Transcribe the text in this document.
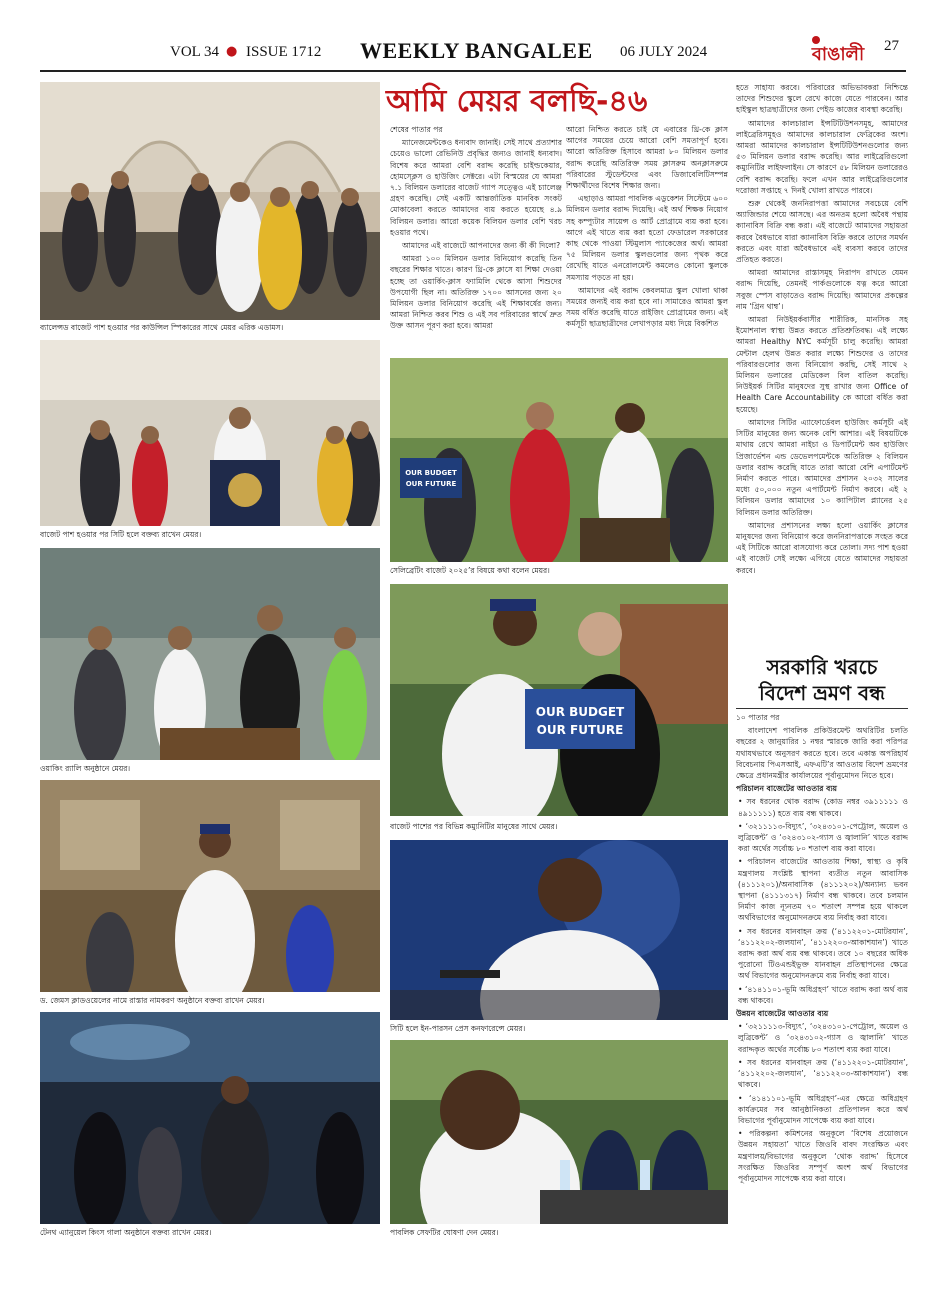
VOL 34 ● ISSUE 1712 WEEKLY BANGALEE 06 JULY 2024	বাঙালী 27
ব্যালেন্সড বাজেট পাশ হওয়ার পর কাউন্সিল স্পিকারের সাথে মেয়র এরিক এডামস।
বাজেট পাশ হওয়ার পর সিটি হলে বক্তব্য রাখেন মেয়র।
ওয়াকিং র‌্যালি অনুষ্ঠানে মেয়র।
ড. জেমস ক্লাডওয়েলের নামে রাস্তার নামকরণ অনুষ্ঠানে বক্তব্য রাখেন মেয়র।
টেনথ এ্যানুয়েল কিংস গালা অনুষ্ঠানে বক্তব্য রাখেন মেয়র।
আমি মেয়র বলছি-৪৬

শেষের পাতার পর

ম্যানেজমেন্টকেও ধন্যবাদ জানাই। সেই সাথে প্রত্যাশার চেয়েও ভালো রেভিনিউ প্রবৃদ্ধির জন্যও জানাই ধন্যবাদ। বিশেষ করে আমরা বেশি বরাদ্দ করেছি চাইল্ডকেয়ার, হোমস্ক্লেস ও হাউজিং সেক্টরে। এটা বিস্ময়ের যে আমরা ৭.১ বিলিয়ন ডলারের বাজেট গ্যাপ সত্ত্বেও এই চ্যালেঞ্জ গ্রহণ করেছি। সেই একটি আন্তর্জাতিক মানবিক সংকট মোকাবেলা করতে আমাদের ব্যয় করতে হয়েছে ৪.৯ বিলিয়ন ডলার। আরো কয়েক বিলিয়ন ডলার বেশি খরচ হওয়ার পথে।

আমাদের এই বাজেটে আপনাদের জন্য কী কী দিলো?

আমরা ১০০ মিলিয়ন ডলার বিনিয়োগ করেছি তিন বছরের শিক্ষার খাতে। কারণ থ্রি-কে ক্লাসে যা শিক্ষা দেওয়া হচ্ছে তা ওয়ার্কিং-ক্লাস ফ্যামিলি থেকে আসা শিশুদের উপযোগী ছিল না। অতিরিক্ত ১৭০০ আসনের জন্য ২০ মিলিয়ন ডলার বিনিয়োগ করেছি এই শিক্ষাবর্ষের জন্য। আমরা নিশ্চিত করব শিশু ও এই সব পরিবারের স্বার্থে দ্রুত উক্ত আসন পূরণ করা হবে। আমরা

আরো নিশ্চিত করতে চাই যে এবারের থ্রি-কে ক্লাস আগের সময়ের চেয়ে আরো বেশি সমতাপূর্ণ হবে। আরো অতিরিক্ত হিসাবে আমরা ৮০ মিলিয়ন ডলার বরাদ্দ করেছি অতিরিক্ত সময় ক্লাসরুম অনক্লাসরুমে পরিবারের স্টুডেন্টদের এবং ডিজাবেলিটিসম্পন্ন শিক্ষার্থীদের বিশেষ শিক্ষার জন্য।

এছাড়াও আমরা পাবলিক এডুকেশন সিস্টেমে ৬০০ মিলিয়ন ডলার বরাদ্দ দিয়েছি। এই অর্থ শিক্ষক নিয়োগ সহ কম্প্যুটার সায়েন্স ও আর্ট প্রোগ্রামে ব্যয় করা হবে। আগে এই খাতে ব্যয় করা হতো ফেডারেল সরকারের কাছ থেকে পাওয়া স্টিমুলাস প্যাকেজের অর্থ। আমরা ৭৫ মিলিয়ন ডলার স্কুলগুলোর জন্য পৃথক করে রেখেছি যাতে এনরোলমেন্ট কমলেও কোনো স্কুলকে সমস্যায় পড়তে না হয়।

আমাদের এই বরাদ্দ কেবলমাত্র স্কুল খোলা থাকা সময়ের জন্যই ব্যয় করা হবে না। সামারেও আমরা স্কুল সময় বর্ধিত করেছি যাতে রাইজিং প্রোগ্রামের জন্য। এই কর্মসূচী ছাত্রছাত্রীদের লেখাপড়ার মধ্য দিয়ে বিকশিত

হতে সাহায্য করবে। পরিবারের অভিভাবকরা নিশ্চিন্তে তাদের শিশুদের স্কুলে রেখে কাজে যেতে পারবেন। আর হাইস্কুল ছাত্রছাত্রীদের জন্য পেইড কাজের ব্যবস্থা করেছি।

আমাদের কালচারাল ইন্সটিটিউশনসমূহ, আমাদের লাইব্রেরিসমূহও আমাদের কালচারাল ফেব্রিকের অংশ। আমরা আমাদের কালচারাল ইন্সটিটিউশনগুলোর জন্য ৫৩ মিলিয়ন ডলার বরাদ্দ করেছি। আর লাইব্রেরিগুলো কম্যুনিটির লাইফলাইন। সে কারণে ৫৮ মিলিয়ন ডলারেরও বেশি বরাদ্দ করেছি। ফলে এখন আর লাইব্রেরিগুলোর দরোজা সপ্তাহে ৭ দিনই খোলা রাখতে পারবে।

শুরু থেকেই জননিরাপত্তা আমাদের সবচেয়ে বেশি অ্যাজিন্ডার শেয়ে আসছে। এর অনতম হলো অবৈধ পন্থায় ক্যানাবিস বিক্রি বন্ধ করা। এই বাজেটে আমাদের সহায়তা করবে বৈধভাবে যারা ক্যানাবিস বিক্রি করবে তাদের সমর্থন করতে এবং যারা অবৈধভাবে এই ব্যবসা করবে তাদের প্রতিহত করতে।

আমরা আমাদের রাস্তাসমূহ নিরাপদ রাখতে যেমন বরাদ্দ দিয়েছি, তেমনই পার্কগুলোকে যত্ন করে আরো সবুজ স্পেস বাড়াতেও বরাদ্দ দিয়েছি। আমাদের প্রকল্পের নাম ‘গ্রিন থাম্ব’।

আমরা নিউইয়র্কবাসীর শারীরিক, মানসিক সহ ইমোশনাল স্বাস্থ্য উন্নত করতে প্রতিশ্রুতিবদ্ধ। এই লক্ষ্যে আমরা Healthy NYC কর্মসূচী চালু করেছি। আমরা মেন্টাল হেলথ উন্নত করার লক্ষ্যে শিশুদের ও তাদের পরিবারগুলোর জন্য বিনিয়োগ করছি, সেই সাথে ২ মিলিয়ন ডলারের মেডিকেল বিল বাতিল করেছি। নিউইয়র্ক সিটির মানুষদের সুস্থ রাখার জন্য Office of Health Care Accountability কে আরো বর্ধিত করা হয়েছে।

আমাদের সিটির এ্যাফোর্ডেবল হাউজিং কর্মসূচী এই সিটির মানুষের জন্য অনেক বেশি আশার। এই বিষয়টিকে মাথায় রেখে আমরা নাইচা ও ডিপার্টমেন্ট অব হাউজিং প্রিজার্ভেশন এন্ড ডেভেলপমেন্টকে অতিরিক্ত ২ বিলিয়ন ডলার বরাদ্দ করেছি যাতে তারা আরো বেশি এপার্টমেন্ট নির্মাণ করতে পারে। আমাদের প্রশাসন ২০৩২ সালের মধ্যে ৫০,০০০ নতুন এপার্টমেন্ট নির্মাণ করবে। এই ২ বিলিয়ন ডলার আমাদের ১০ ক্যাপিটাল প্ল্যানের ২৫ বিলিয়ন ডলার অতিরিক্ত।

আমাদের প্রশাসনের লক্ষ্য হলো ওয়ার্কিং ক্লাসের মানুষদের জন্য বিনিয়োগ করে জননিরাপত্তাকে সংহত করে এই সিটিকে আরো বাসযোগ্য করে তোলা। সদ্য পাশ হওয়া এই বাজেট সেই লক্ষ্যে এগিয়ে যেতে আমাদের সহায়তা করবে।

OUR BUDGET
OUR FUTURE
সেলিব্রেটিং বাজেট ২০২৫’র বিষয়ে কথা বলেন মেয়র।
OUR BUDGET
OUR FUTURE
বাজেট পাশের পর বিভিন্ন কম্যুনিটির মানুষের সাথে মেয়র।
সিটি হলে ইন-পারসন প্রেস কনফারেন্সে মেয়র।
পাবলিক সেফটির ঘোষণা দেন মেয়র।
সরকারি খরচে
বিদেশ ভ্রমণ বন্ধ

১০ পাতার পর

বাংলাদেশ পাবলিক প্রকিউরমেন্ট অথরিটির চলতি বছরের ২ জানুয়ারির ১ নম্বর স্মারকে জারি করা পরিপত্র যথাযথভাবে অনুসরণ করতে হবে। তবে একান্ত অপরিহার্য বিবেচনায় পিএসআই, এফএটি’র আওতায় বিদেশ ভ্রমণের ক্ষেত্রে প্রধানমন্ত্রীর কার্যালয়ের পূর্বানুমোদন নিতে হবে।

পরিচালন বাজেটের আওতার ব্যয়

• সব ধরনের থোক বরাদ্দ (কোড নম্বর ৩৯১১১১১ ও ৪৯১১১১১) হতে ব্যয় বন্ধ থাকবে।

• ‘৩২১১১১৩-বিদ্যুৎ’, ‘৩২৪৩১০১-পেট্রোল, অয়েল ও লুব্রিকেন্ট’ ও ‘৩২৪৩১০২-গ্যাস ও জ্বালানি’ খাতে বরাদ্দ করা অর্থের সর্বোচ্চ ৮০ শতাংশ ব্যয় করা যাবে।

• পরিচালন বাজেটের আওতায় শিক্ষা, স্বাস্থ্য ও কৃষি মন্ত্রণালয় সংশ্লিষ্ট স্থাপনা ব্যতীত নতুন আবাসিক (৪১১১২০১)/অনাবাসিক (৪১১১২০২)/অন্যান্য ভবন স্থাপনা (৪১১১৩১৭) নির্মাণ বন্ধ থাকবে। তবে চলমান নির্মাণ কাজ ন্যূনতম ৭০ শতাংশ সম্পন্ন হয়ে থাকলে অর্থবিভাগের অনুমোদনক্রমে ব্যয় নির্বাহ করা যাবে।

• সব ধরনের যানবাহন ক্রয় (‘৪১১২২০১-মোটরযান’, ‘৪১১২২০২-জলযান’, ‘৪১১২২০৩-আকাশযান’) খাতে বরাদ্দ করা অর্থ ব্যয় বন্ধ থাকবে। তবে ১০ বছরের অধিক পুরোনো টিওএন্ডইভুক্ত যানবাহন প্রতিস্থাপনের ক্ষেত্রে অর্থ বিভাগের অনুমোদনক্রমে ব্যয় নির্বাহ করা যাবে।

• ‘৪১৪১১০১-ভূমি অধিগ্রহণ’ খাতে বরাদ্দ করা অর্থ ব্যয় বন্ধ থাকবে।

উন্নয়ন বাজেটের আওতার ব্যয়

• ‘৩২১১১১৩-বিদ্যুৎ’, ‘৩২৪৩১০১-পেট্রোল, অয়েল ও লুব্রিকেন্ট’ ও ‘৩২৪৩১০২-গ্যাস ও জ্বালানি’ খাতে বরাদ্দকৃত অর্থের সর্বোচ্চ ৮০ শতাংশ ব্যয় করা যাবে।

• সব ধরনের যানবাহন ক্রয় (‘৪১১২২০১-মোটরযান’, ‘৪১১২২০২-জলযান’, ‘৪১১২২০৩-আকাশযান’) বন্ধ থাকবে।

• ‘৪১৪১১০১-ভূমি অধিগ্রহণ’-এর ক্ষেত্রে অধিগ্রহণ কার্যক্রমের সব আনুষ্ঠানিকতা প্রতিপালন করে অর্থ বিভাগের পূর্বানুমোদন সাপেক্ষে ব্যয় করা যাবে।

• পরিকল্পনা কমিশনের অনুকূলে ‘বিশেষ প্রয়োজনে উন্নয়ন সহায়তা’ খাতে জিওবি বাবদ সংরক্ষিত এবং মন্ত্রণালয়/বিভাগের অনুকূলে ‘থোক বরাদ্দ’ হিসেবে সংরক্ষিত জিওবির সম্পূর্ণ অংশ অর্থ বিভাগের পূর্বানুমোদন সাপেক্ষে ব্যয় করা যাবে।
